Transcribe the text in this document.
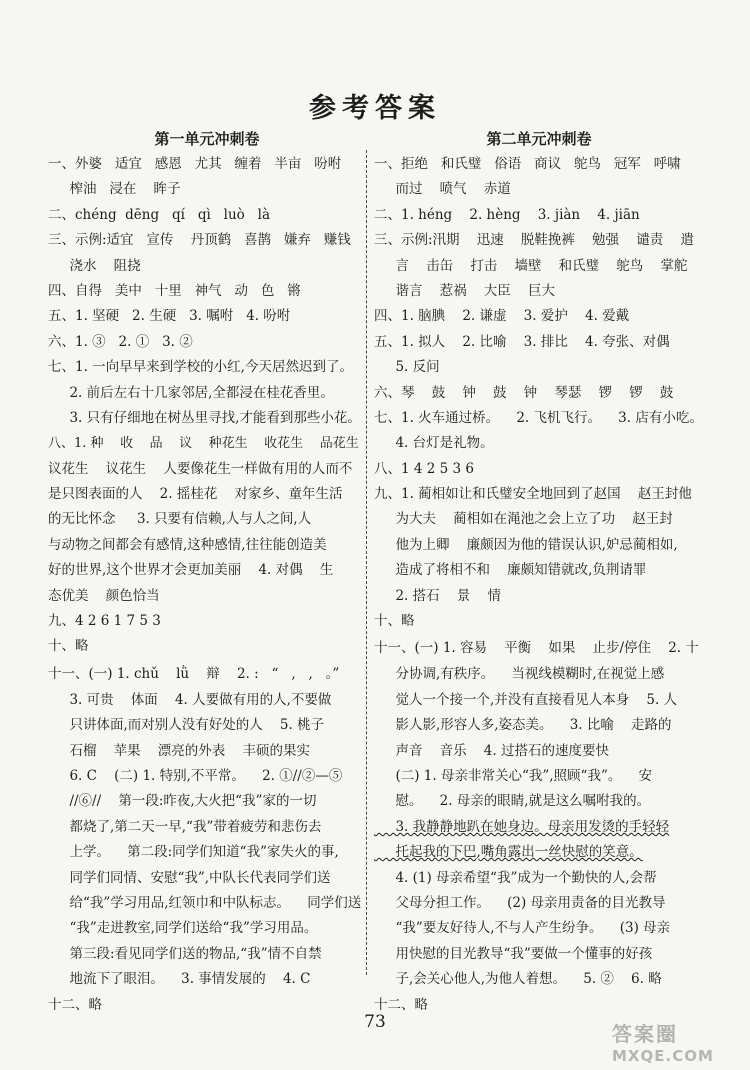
参考答案
第一单元冲刺卷
一、外婆   适宜   感恩   尤其   缠着   半亩   吩咐
榨油   浸在    眸子
二、chéng  dēng   qí   qì   luò   là
三、示例:适宜   宣传    丹顶鹤   喜鹊   嫌弃   赚钱
浇水    阻挠
四、自得   美中   十里   神气   动   色   锵
五、1. 坚硬   2. 生硬   3. 嘱咐   4. 吩咐
六、1. ③   2. ①   3. ②
七、1. 一向早早来到学校的小红,今天居然迟到了。
2. 前后左右十几家邻居,全都浸在桂花香里。
3. 只有仔细地在树丛里寻找,才能看到那些小花。
八、1. 种    收    品    议    种花生    收花生    品花生
议花生    议花生    人要像花生一样做有用的人而不
是只图表面的人    2. 摇桂花    对家乡、童年生活
的无比怀念     3. 只要有信赖,人与人之间,人
与动物之间都会有感情,这种感情,往往能创造美
好的世界,这个世界才会更加美丽    4. 对偶    生
态优美    颜色恰当
九、4 2 6 1 7 5 3
十、略
十一、(一) 1. chǔ    lǜ    辩    2. :   “   ,   ,   。”
3. 可贵    体面    4. 人要做有用的人,不要做
只讲体面,而对别人没有好处的人    5. 桃子
石榴    苹果    漂亮的外表    丰硕的果实
6. C    (二) 1. 特别,不平常。    2. ①//②—⑤
//⑥//    第一段:昨夜,大火把“我”家的一切
都烧了,第二天一早,“我”带着疲劳和悲伤去
上学。    第二段:同学们知道“我”家失火的事,
同学们同情、安慰“我”,中队长代表同学们送
给“我”学习用品,红领巾和中队标志。    同学们送
“我”走进教室,同学们送给“我”学习用品。
第三段:看见同学们送的物品,“我”情不自禁
地流下了眼泪。    3. 事情发展的    4. C
十二、略
第二单元冲刺卷
一、拒绝   和氏璧   俗语   商议   鸵鸟   冠军   呼啸
而过    喷气    赤道
二、1. héng    2. hèng    3. jiàn    4. jiān
三、示例:汛期    迅速    脱鞋挽裤    勉强    谴责    遣
言    击缶    打击    墙壁    和氏璧    鸵鸟    掌舵
谐言    惹祸    大臣    巨大
四、1. 脑腆    2. 谦虚    3. 爱护    4. 爱戴
五、1. 拟人    2. 比喻    3. 排比    4. 夸张、对偶
5. 反问
六、琴    鼓    钟    鼓    钟    琴瑟    锣    锣    鼓
七、1. 火车通过桥。    2. 飞机飞行。    3. 店有小吃。
4. 台灯是礼物。
八、1 4 2 5 3 6
九、1. 蔺相如让和氏璧安全地回到了赵国    赵王封他
为大夫    蔺相如在渑池之会上立了功    赵王封
他为上卿    廉颇因为他的错误认识,妒忌蔺相如,
造成了将相不和    廉颇知错就改,负荆请罪
2. 搭石    景    情
十、略
十一、(一) 1. 容易    平衡    如果    止步/停住    2. 十
分协调,有秩序。    当视线模糊时,在视觉上感
觉人一个接一个,并没有直接看见人本身    5. 人
影人影,形容人多,姿态美。    3. 比喻    走路的
声音    音乐    4. 过搭石的速度要快
(二) 1. 母亲非常关心“我”,照顾“我”。    安
慰。    2. 母亲的眼睛,就是这么嘱咐我的。
3. 我静静地趴在她身边。母亲用发烫的手轻轻
托起我的下巴,嘴角露出一丝快慰的笑意。
4. (1) 母亲希望“我”成为一个勤快的人,会帮
父母分担工作。    (2) 母亲用责备的目光教导
“我”要友好待人,不与人产生纷争。    (3) 母亲
用快慰的目光教导“我”要做一个懂事的好孩
子,会关心他人,为他人着想。    5. ②    6. 略
十二、略
73	答案圈
MXQE.COM
